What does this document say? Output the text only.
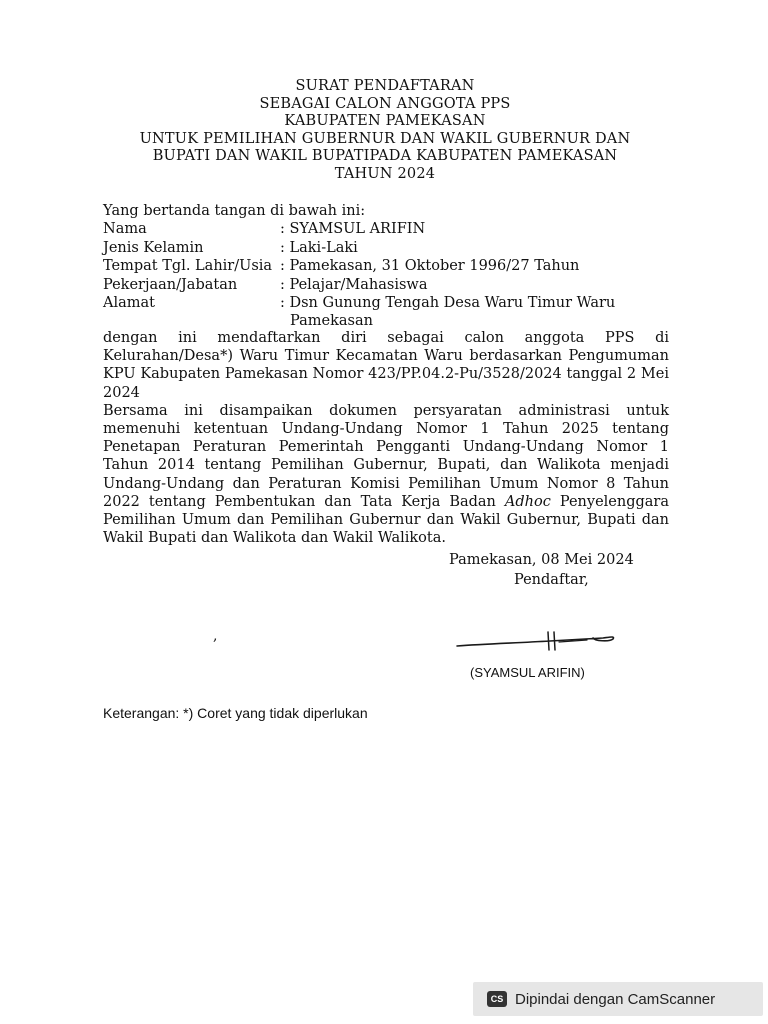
SURAT PENDAFTARAN
SEBAGAI CALON ANGGOTA PPS
KABUPATEN PAMEKASAN
UNTUK PEMILIHAN GUBERNUR DAN WAKIL GUBERNUR DAN
BUPATI DAN WAKIL BUPATIPADA KABUPATEN PAMEKASAN
TAHUN 2024
Yang bertanda tangan di bawah ini:
Nama	: SYAMSUL ARIFIN
Jenis Kelamin	: Laki-Laki
Tempat Tgl. Lahir/Usia : Pamekasan, 31 Oktober 1996/27 Tahun
Pekerjaan/Jabatan	: Pelajar/Mahasiswa
Alamat	: Dsn Gunung Tengah Desa Waru Timur Waru
Pamekasan

dengan ini mendaftarkan diri sebagai calon anggota PPS di Kelurahan/Desa*) Waru Timur Kecamatan Waru berdasarkan Pengumuman KPU Kabupaten Pamekasan Nomor 423/PP.04.2-Pu/3528/2024 tanggal 2 Mei 2024

Bersama ini disampaikan dokumen persyaratan administrasi untuk memenuhi ketentuan Undang-Undang Nomor 1 Tahun 2025 tentang Penetapan Peraturan Pemerintah Pengganti Undang-Undang Nomor 1 Tahun 2014 tentang Pemilihan Gubernur, Bupati, dan Walikota menjadi Undang-Undang dan Peraturan Komisi Pemilihan Umum Nomor 8 Tahun 2022 tentang Pembentukan dan Tata Kerja Badan Adhoc Penyelenggara Pemilihan Umum dan Pemilihan Gubernur dan Wakil Gubernur, Bupati dan Wakil Bupati dan Walikota dan Wakil Walikota.

Pamekasan, 08 Mei 2024
Pendaftar,
,
(SYAMSUL ARIFIN)
Keterangan: *) Coret yang tidak diperlukan
CS Dipindai dengan CamScanner
